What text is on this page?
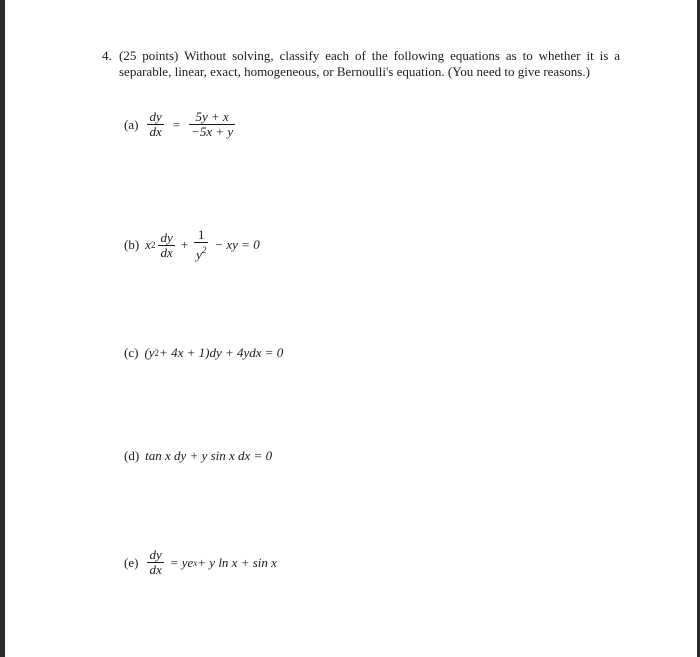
4. (25 points) Without solving, classify each of the following equations as to whether it is a separable, linear, exact, homogeneous, or Bernoulli's equation. (You need to give reasons.)
$(a) \frac{dy}{dx} = \frac{5y + x}{-5x + y}$
(b) x $2 \frac{dy}{dx} + \frac{1}{y^2}$ − xy = 0
(c) (y 2 + 4x + 1)dy + 4ydx = 0
(d) tan x dy + y sin x dx = 0
$(e) \frac{dy}{dx}$ = ye x + y ln x + sin x
